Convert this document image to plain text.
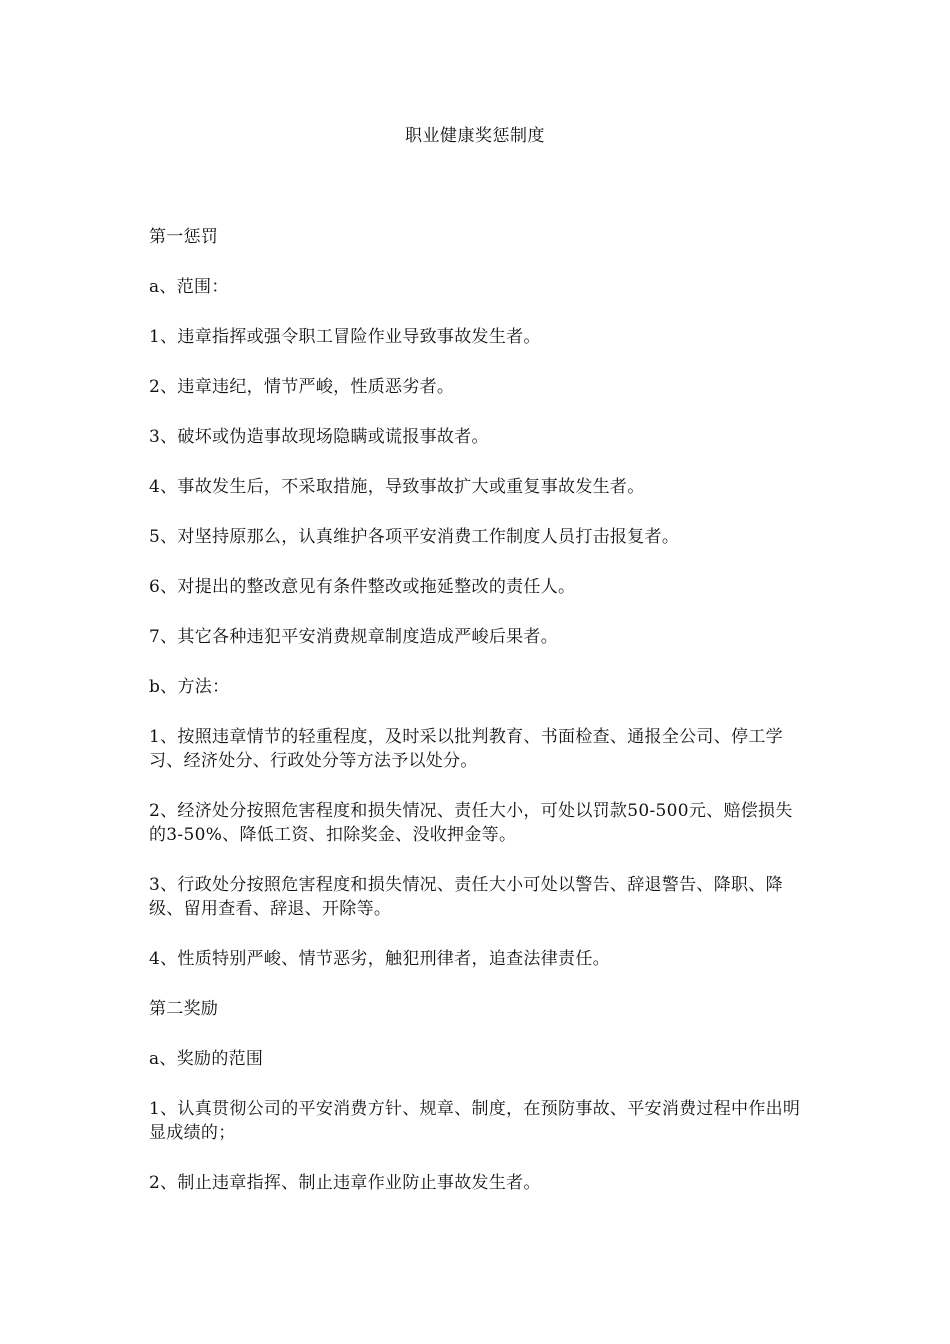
职业健康奖惩制度

第一惩罚

a、范围：

1、违章指挥或强令职工冒险作业导致事故发生者。

2、违章违纪，情节严峻，性质恶劣者。

3、破坏或伪造事故现场隐瞒或谎报事故者。

4、事故发生后，不采取措施，导致事故扩大或重复事故发生者。

5、对坚持原那么，认真维护各项平安消费工作制度人员打击报复者。

6、对提出的整改意见有条件整改或拖延整改的责任人。

7、其它各种违犯平安消费规章制度造成严峻后果者。

b、方法：

1、按照违章情节的轻重程度，及时采以批判教育、书面检查、通报全公司、停工学习、经济处分、行政处分等方法予以处分。

2、经济处分按照危害程度和损失情况、责任大小，可处以罚款50-500元、赔偿损失的3-50%、降低工资、扣除奖金、没收押金等。

3、行政处分按照危害程度和损失情况、责任大小可处以警告、辞退警告、降职、降级、留用查看、辞退、开除等。

4、性质特别严峻、情节恶劣，触犯刑律者，追查法律责任。

第二奖励

a、奖励的范围

1、认真贯彻公司的平安消费方针、规章、制度，在预防事故、平安消费过程中作出明显成绩的；

2、制止违章指挥、制止违章作业防止事故发生者。
